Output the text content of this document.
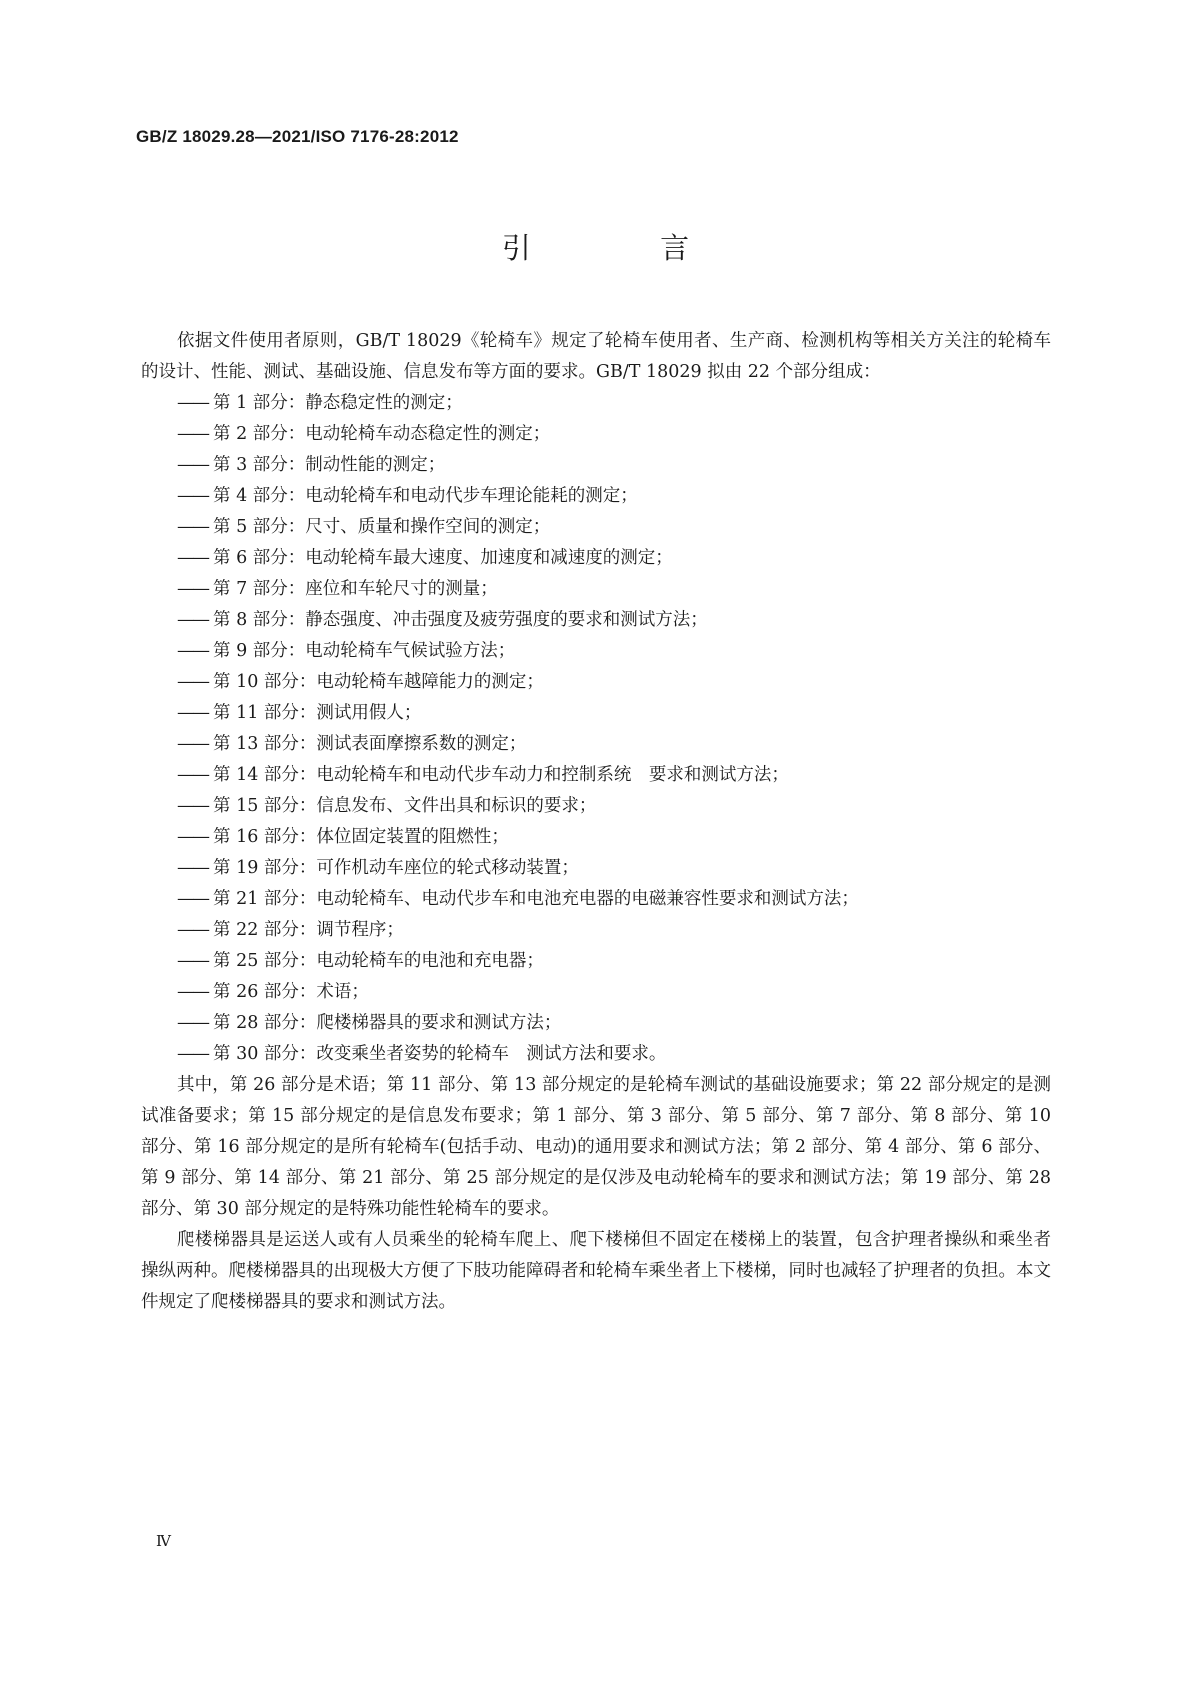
GB/Z 18029.28—2021/ISO 7176-28:2012
引 言

依据文件使用者原则，GB/T 18029《轮椅车》规定了轮椅车使用者、生产商、检测机构等相关方关注的轮椅车的设计、性能、测试、基础设施、信息发布等方面的要求。GB/T 18029 拟由 22 个部分组成：

—— 第 1 部分：静态稳定性的测定；
—— 第 2 部分：电动轮椅车动态稳定性的测定；
—— 第 3 部分：制动性能的测定；
—— 第 4 部分：电动轮椅车和电动代步车理论能耗的测定；
—— 第 5 部分：尺寸、质量和操作空间的测定；
—— 第 6 部分：电动轮椅车最大速度、加速度和减速度的测定；
—— 第 7 部分：座位和车轮尺寸的测量；
—— 第 8 部分：静态强度、冲击强度及疲劳强度的要求和测试方法；
—— 第 9 部分：电动轮椅车气候试验方法；
—— 第 10 部分：电动轮椅车越障能力的测定；
—— 第 11 部分：测试用假人；
—— 第 13 部分：测试表面摩擦系数的测定；
—— 第 14 部分：电动轮椅车和电动代步车动力和控制系统　要求和测试方法；
—— 第 15 部分：信息发布、文件出具和标识的要求；
—— 第 16 部分：体位固定装置的阻燃性；
—— 第 19 部分：可作机动车座位的轮式移动装置；
—— 第 21 部分：电动轮椅车、电动代步车和电池充电器的电磁兼容性要求和测试方法；
—— 第 22 部分：调节程序；
—— 第 25 部分：电动轮椅车的电池和充电器；
—— 第 26 部分：术语；
—— 第 28 部分：爬楼梯器具的要求和测试方法；
—— 第 30 部分：改变乘坐者姿势的轮椅车　测试方法和要求。

其中，第 26 部分是术语；第 11 部分、第 13 部分规定的是轮椅车测试的基础设施要求；第 22 部分规定的是测试准备要求；第 15 部分规定的是信息发布要求；第 1 部分、第 3 部分、第 5 部分、第 7 部分、第 8 部分、第 10 部分、第 16 部分规定的是所有轮椅车(包括手动、电动)的通用要求和测试方法；第 2 部分、第 4 部分、第 6 部分、第 9 部分、第 14 部分、第 21 部分、第 25 部分规定的是仅涉及电动轮椅车的要求和测试方法；第 19 部分、第 28 部分、第 30 部分规定的是特殊功能性轮椅车的要求。

爬楼梯器具是运送人或有人员乘坐的轮椅车爬上、爬下楼梯但不固定在楼梯上的装置，包含护理者操纵和乘坐者操纵两种。爬楼梯器具的出现极大方便了下肢功能障碍者和轮椅车乘坐者上下楼梯，同时也减轻了护理者的负担。本文件规定了爬楼梯器具的要求和测试方法。

Ⅳ
